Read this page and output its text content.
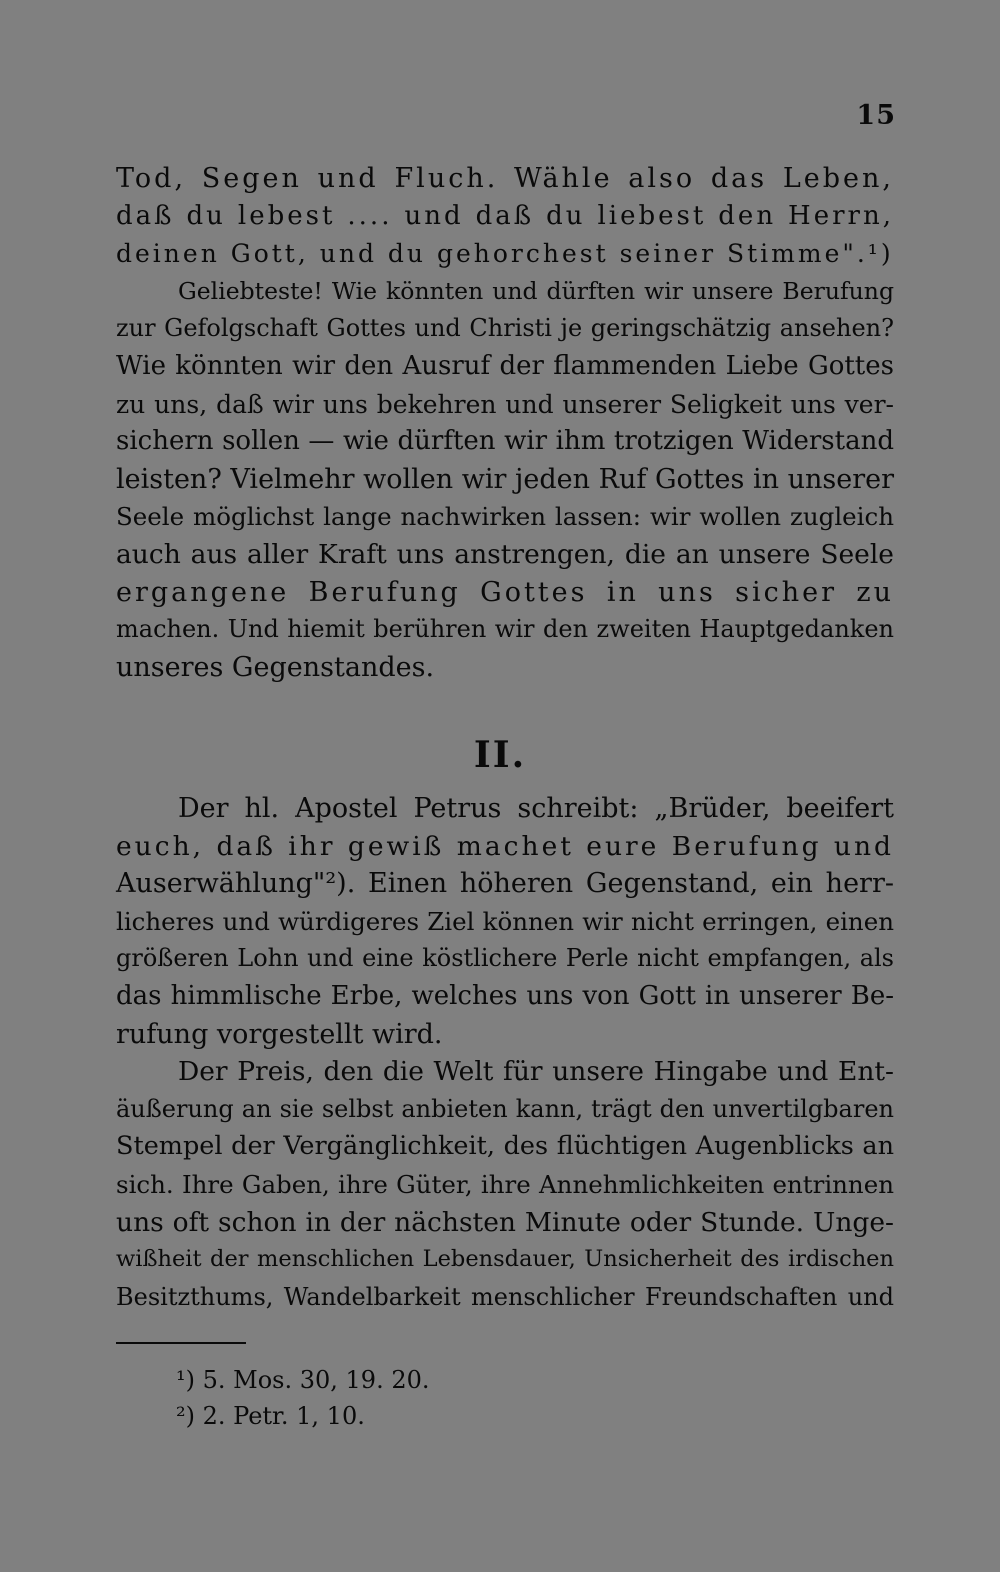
15
Tod, Segen und Fluch. Wähle also das Leben,
daß du lebest .... und daß du liebest den Herrn,
deinen Gott, und du gehorchest seiner Stimme".¹)
Geliebteste! Wie könnten und dürften wir unsere Berufung
zur Gefolgschaft Gottes und Christi je geringschätzig ansehen?
Wie könnten wir den Ausruf der flammenden Liebe Gottes
zu uns, daß wir uns bekehren und unserer Seligkeit uns ver-
sichern sollen — wie dürften wir ihm trotzigen Widerstand
leisten? Vielmehr wollen wir jeden Ruf Gottes in unserer
Seele möglichst lange nachwirken lassen: wir wollen zugleich
auch aus aller Kraft uns anstrengen, die an unsere Seele
ergangene Berufung Gottes in uns sicher zu
machen. Und hiemit berühren wir den zweiten Hauptgedanken
unseres Gegenstandes.
II.
Der hl. Apostel Petrus schreibt: „Brüder, beeifert
euch, daß ihr gewiß machet eure Berufung und
Auserwählung"²). Einen höheren Gegenstand, ein herr-
licheres und würdigeres Ziel können wir nicht erringen, einen
größeren Lohn und eine köstlichere Perle nicht empfangen, als
das himmlische Erbe, welches uns von Gott in unserer Be-
rufung vorgestellt wird.
Der Preis, den die Welt für unsere Hingabe und Ent-
äußerung an sie selbst anbieten kann, trägt den unvertilgbaren
Stempel der Vergänglichkeit, des flüchtigen Augenblicks an
sich. Ihre Gaben, ihre Güter, ihre Annehmlichkeiten entrinnen
uns oft schon in der nächsten Minute oder Stunde. Unge-
wißheit der menschlichen Lebensdauer, Unsicherheit des irdischen
Besitzthums, Wandelbarkeit menschlicher Freundschaften und
¹) 5. Mos. 30, 19. 20.
²) 2. Petr. 1, 10.
